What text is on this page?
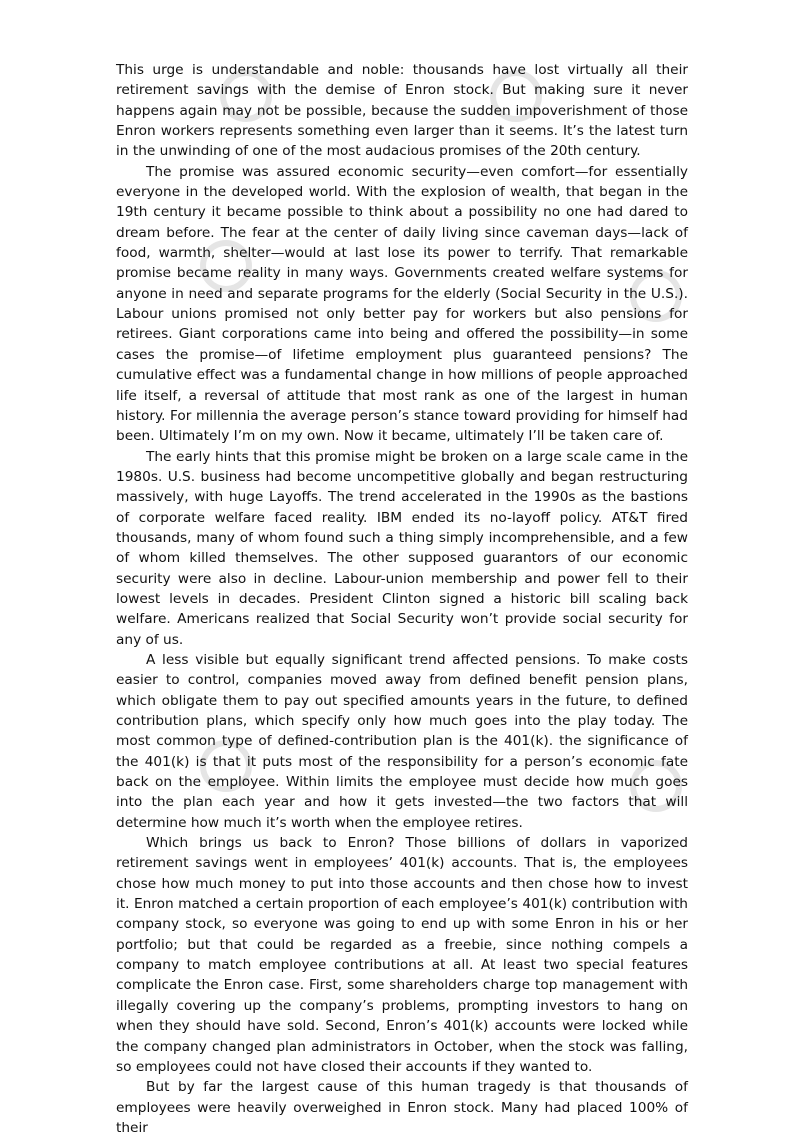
This urge is understandable and noble: thousands have lost virtually all their retirement savings with the demise of Enron stock. But making sure it never happens again may not be possible, because the sudden impoverishment of those Enron workers represents something even larger than it seems. It’s the latest turn in the unwinding of one of the most audacious promises of the 20th century.

The promise was assured economic security—even comfort—for essentially everyone in the developed world. With the explosion of wealth, that began in the 19th century it became possible to think about a possibility no one had dared to dream before. The fear at the center of daily living since caveman days—lack of food, warmth, shelter—would at last lose its power to terrify. That remarkable promise became reality in many ways. Governments created welfare systems for anyone in need and separate programs for the elderly (Social Security in the U.S.). Labour unions promised not only better pay for workers but also pensions for retirees. Giant corporations came into being and offered the possibility—in some cases the promise—of lifetime employment plus guaranteed pensions? The cumulative effect was a fundamental change in how millions of people approached life itself, a reversal of attitude that most rank as one of the largest in human history. For millennia the average person’s stance toward providing for himself had been. Ultimately I’m on my own. Now it became, ultimately I’ll be taken care of.

The early hints that this promise might be broken on a large scale came in the 1980s. U.S. business had become uncompetitive globally and began restructuring massively, with huge Layoffs. The trend accelerated in the 1990s as the bastions of corporate welfare faced reality. IBM ended its no-layoff policy. AT&T fired thousands, many of whom found such a thing simply incomprehensible, and a few of whom killed themselves. The other supposed guarantors of our economic security were also in decline. Labour-union membership and power fell to their lowest levels in decades. President Clinton signed a historic bill scaling back welfare. Americans realized that Social Security won’t provide social security for any of us.

A less visible but equally significant trend affected pensions. To make costs easier to control, companies moved away from defined benefit pension plans, which obligate them to pay out specified amounts years in the future, to defined contribution plans, which specify only how much goes into the play today. The most common type of defined-contribution plan is the 401(k). the significance of the 401(k) is that it puts most of the responsibility for a person’s economic fate back on the employee. Within limits the employee must decide how much goes into the plan each year and how it gets invested—the two factors that will determine how much it’s worth when the employee retires.

Which brings us back to Enron? Those billions of dollars in vaporized retirement savings went in employees’ 401(k) accounts. That is, the employees chose how much money to put into those accounts and then chose how to invest it. Enron matched a certain proportion of each employee’s 401(k) contribution with company stock, so everyone was going to end up with some Enron in his or her portfolio; but that could be regarded as a freebie, since nothing compels a company to match employee contributions at all. At least two special features complicate the Enron case. First, some shareholders charge top management with illegally covering up the company’s problems, prompting investors to hang on when they should have sold. Second, Enron’s 401(k) accounts were locked while the company changed plan administrators in October, when the stock was falling, so employees could not have closed their accounts if they wanted to.

But by far the largest cause of this human tragedy is that thousands of employees were heavily overweighed in Enron stock. Many had placed 100% of their
